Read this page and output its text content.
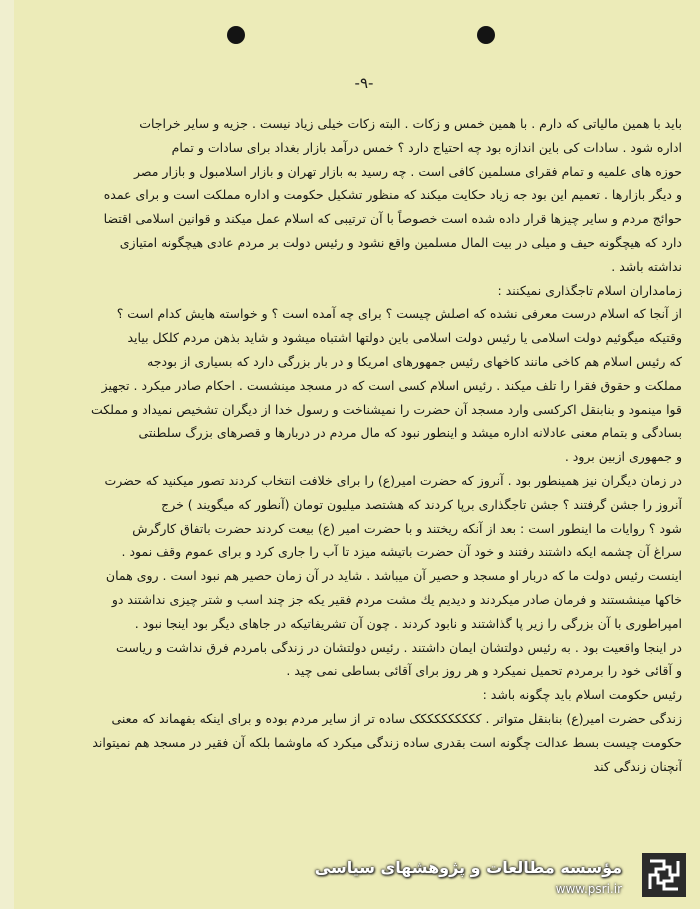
-۹-
باید با همین مالیاتی که دارم . با همین خمس و زکات . البته زکات خیلی زیاد نیست . جزیه و سایر خراجات
اداره شود . سادات کی باین اندازه بود چه احتیاج دارد ؟ خمس درآمد بازار بغداد برای سادات و تمام
حوزه های علمیه و تمام فقرای مسلمین کافی است . چه رسید به بازار تهران و بازار اسلامبول و بازار مصر
و دیگر بازارها . تعمیم این بود جه زیاد حکایت میکند که منظور تشکیل حکومت و اداره مملکت است و برای عمده
حوائج مردم و سایر چیزها قرار داده شده است خصوصاً با آن ترتیبی که اسلام عمل میکند و قوانین اسلامی اقتضا
دارد که هیچگونه حیف و میلی در بیت المال مسلمین واقع نشود و رئیس دولت بر مردم عادی هیچگونه امتیازی
نداشته باشد .
زمامداران اسلام تاجگذاری نمیکنند :
از آنجا که اسلام درست معرفی نشده که اصلش چیست ؟ برای چه آمده است ؟ و خواسته هایش کدام است ؟
وقتیکه میگوئیم دولت اسلامی یا رئیس دولت اسلامی باین دولتها اشتباه میشود و شاید بذهن مردم کلکل بیاید
که رئیس اسلام هم کاخی مانند کاخهای رئیس جمهورهای امریکا و در بار بزرگی دارد که بسیاری از بودجه
مملکت و حقوق فقرا را تلف میکند . رئیس اسلام کسی است که در مسجد مینشست . احکام صادر میکرد . تجهیز
قوا مینمود و بنابنقل اکرکسی وارد مسجد آن حضرت را نمیشناخت و رسول خدا از دیگران تشخیص نمیداد و مملکت
بسادگی و بتمام معنی عادلانه اداره میشد و اینطور نبود که مال مردم در دربارها و قصرهای بزرگ سلطنتی
و جمهوری ازبین برود .
در زمان دیگران نیز همینطور بود . آنروز که حضرت امیر(ع) را برای خلافت انتخاب کردند تصور میکنید که حضرت
آنروز را جشن گرفتند ؟ جشن تاجگذاری برپا کردند که هشتصد میلیون تومان (آنطور که میگویند ) خرج
شود ؟ روایات ما اینطور است : بعد از آنکه ریختند و با حضرت امیر (ع) بیعت کردند حضرت باتفاق کارگرش
سراغ آن چشمه ایکه داشتند رفتند و خود آن حضرت باتیشه میزد تا آب را جاری کرد و برای عموم وقف نمود .
اینست رئیس دولت ما که دربار او مسجد و حصیر آن میباشد . شاید در آن زمان حصیر هم نبود است . روی همان
خاکها مینشستند و فرمان صادر میکردند و دیدیم یك مشت مردم فقیر یکه جز چند اسب و شتر چیزی نداشتند دو
امپراطوری با آن بزرگی را زیر پا گذاشتند و نابود کردند . چون آن تشریفاتیکه در جاهای دیگر بود اینجا نبود .
در اینجا واقعیت بود . به رئیس دولتشان ایمان داشتند . رئیس دولتشان در زندگی بامردم فرق نداشت و ریاست
و آقائی خود را برمردم تحمیل نمیکرد و هر روز برای آقائی بساطی نمی چید .
رئیس حکومت اسلام باید چگونه باشد :
زندگی حضرت امیر(ع) بنابنقل متواتر . کککککککککک ساده تر از سایر مردم بوده و برای اینکه بفهماند که معنی
حکومت چیست بسط عدالت چگونه است بقدری ساده زندگی میکرد که ماوشما بلکه آن فقیر در مسجد هم نمیتواند
آنچنان زندگی کند
مؤسسه مطالعات و پژوهشهای سیاسی
www.psri.ir
